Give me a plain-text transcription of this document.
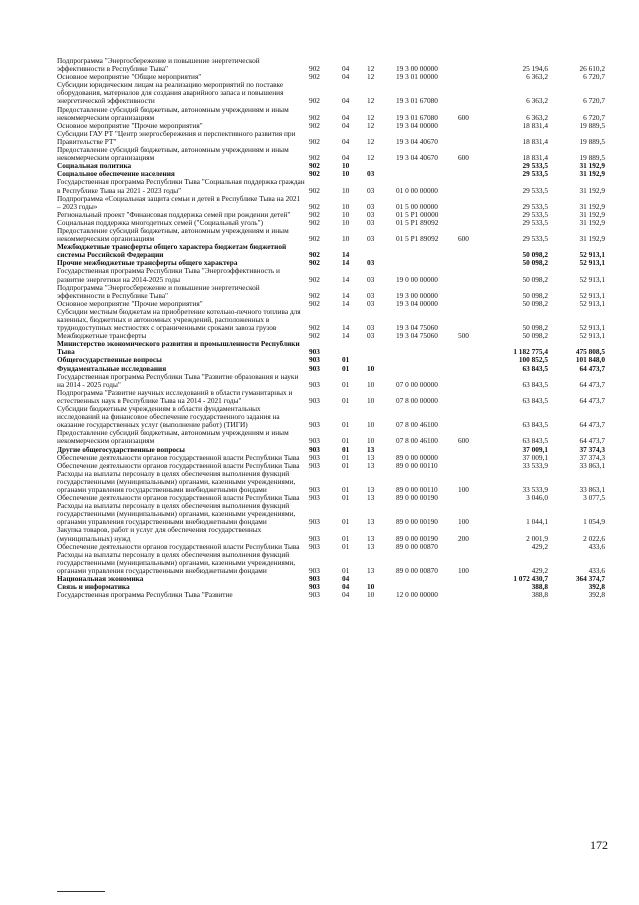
Подпрограмма "Энергосбережение и повышение энергетической эффективности в Республике Тыва"	902	04	12	19 3 00 00000		25 194,6	26 610,2
Основное мероприятие "Общие мероприятия"	902	04	12	19 3 01 00000		6 363,2	6 720,7
Субсидии юридическим лицам на реализацию мероприятий по поставке оборудования, материалов для создания аварийного запаса и повышения энергетической эффективности	902	04	12	19 3 01 67080		6 363,2	6 720,7
Предоставление субсидий бюджетным, автономным учреждениям и иным некоммерческим организациям	902	04	12	19 3 01 67080	600	6 363,2	6 720,7
Основное мероприятие "Прочие мероприятия"	902	04	12	19 3 04 00000		18 831,4	19 889,5
Субсидии ГАУ РТ "Центр энергосбережения и перспективного развития при Правительстве РТ"	902	04	12	19 3 04 40670		18 831,4	19 889,5
Предоставление субсидий бюджетным, автономным учреждениям и иным некоммерческим организациям	902	04	12	19 3 04 40670	600	18 831,4	19 889,5
Социальная политика	902	10				29 533,5	31 192,9
Социальное обеспечение населения	902	10	03			29 533,5	31 192,9
Государственная программа Республики Тыва "Социальная поддержка граждан в Республике Тыва на 2021 - 2023 годы"	902	10	03	01 0 00 00000		29 533,5	31 192,9
Подпрограмма «Социальная защита семьи и детей в Республике Тыва на 2021 – 2023 годы»	902	10	03	01 5 00 00000		29 533,5	31 192,9
Региональный проект "Финансовая поддержка семей при рождении детей"	902	10	03	01 5 P1 00000		29 533,5	31 192,9
Социальная поддержка многодетных семей ("Социальный уголь")	902	10	03	01 5 P1 89092		29 533,5	31 192,9
Предоставление субсидий бюджетным, автономным учреждениям и иным некоммерческим организациям	902	10	03	01 5 P1 89092	600	29 533,5	31 192,9
Межбюджетные трансферты общего характера бюджетам бюджетной системы Российской Федерации	902	14				50 098,2	52 913,1
Прочие межбюджетные трансферты общего характера	902	14	03			50 098,2	52 913,1
Государственная программа Республики Тыва "Энергоэффективность и развитие энергетики на 2014-2025 годы	902	14	03	19 0 00 00000		50 098,2	52 913,1
Подпрограмма "Энергосбережение и повышение энергетической эффективности в Республике Тыва"	902	14	03	19 3 00 00000		50 098,2	52 913,1
Основное мероприятие "Прочие мероприятия"	902	14	03	19 3 04 00000		50 098,2	52 913,1
Субсидии местным бюджетам на приобретение котельно-печного топлива для казенных, бюджетных и автономных учреждений, расположенных в труднодоступных местностях с ограниченными сроками завоза грузов	902	14	03	19 3 04 75060		50 098,2	52 913,1
Межбюджетные трансферты	902	14	03	19 3 04 75060	500	50 098,2	52 913,1
Министерство экономического развития и промышленности Республики Тыва	903					1 182 775,4	475 808,5
Общегосударственные вопросы	903	01				100 852,5	101 848,0
Фундаментальные исследования	903	01	10			63 843,5	64 473,7
Государственная программа Республики Тыва "Развитие образования и науки на 2014 - 2025 годы"	903	01	10	07 0 00 00000		63 843,5	64 473,7
Подпрограмма "Развитие научных исследований в области гуманитарных и естественных наук в Республике Тыва на 2014 - 2021 годы"	903	01	10	07 8 00 00000		63 843,5	64 473,7
Субсидии бюджетным учреждениям в области фундаментальных исследований на финансовое обеспечение государственного задания на оказание государственных услуг (выполнение работ) (ТИГИ)	903	01	10	07 8 00 46100		63 843,5	64 473,7
Предоставление субсидий бюджетным, автономным учреждениям и иным некоммерческим организациям	903	01	10	07 8 00 46100	600	63 843,5	64 473,7
Другие общегосударственные вопросы	903	01	13			37 009,1	37 374,3
Обеспечение деятельности органов государственной власти Республики Тыва	903	01	13	89 0 00 00000		37 009,1	37 374,3
Обеспечение деятельности органов государственной власти Республики Тыва	903	01	13	89 0 00 00110		33 533,9	33 863,1
Расходы на выплаты персоналу в целях обеспечения выполнения функций государственными (муниципальными) органами, казенными учреждениями, органами управления государственными внебюджетными фондами	903	01	13	89 0 00 00110	100	33 533,9	33 863,1
Обеспечение деятельности органов государственной власти Республики Тыва	903	01	13	89 0 00 00190		3 046,0	3 077,5
Расходы на выплаты персоналу в целях обеспечения выполнения функций государственными (муниципальными) органами, казенными учреждениями, органами управления государственными внебюджетными фондами	903	01	13	89 0 00 00190	100	1 044,1	1 054,9
Закупка товаров, работ и услуг для обеспечения государственных (муниципальных) нужд	903	01	13	89 0 00 00190	200	2 001,9	2 022,6
Обеспечение деятельности органов государственной власти Республики Тыва	903	01	13	89 0 00 00870		429,2	433,6
Расходы на выплаты персоналу в целях обеспечения выполнения функций государственными (муниципальными) органами, казенными учреждениями, органами управления государственными внебюджетными фондами	903	01	13	89 0 00 00870	100	429,2	433,6
Национальная экономика	903	04				1 072 430,7	364 374,7
Связь и информатика	903	04	10			388,8	392,8
Государственная программа Республики Тыва "Развитие	903	04	10	12 0 00 00000		388,8	392,8
172
